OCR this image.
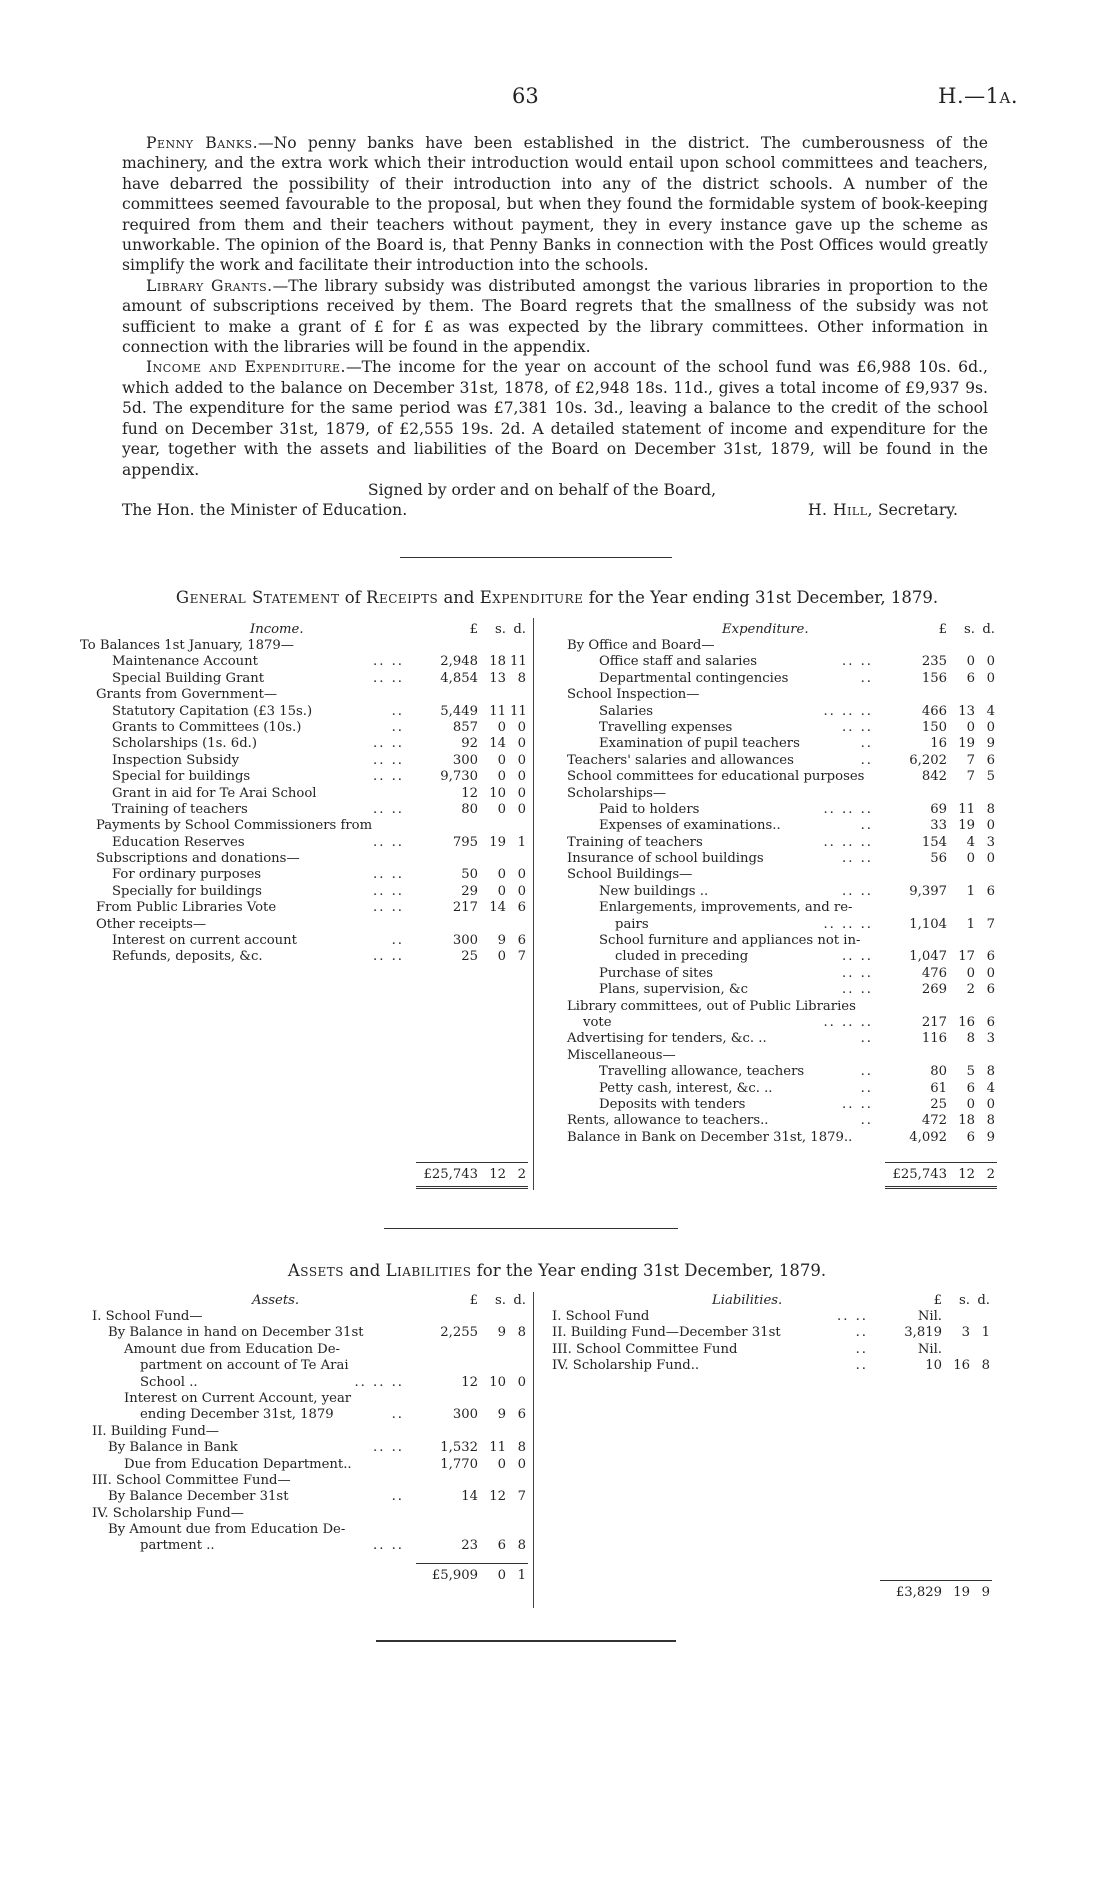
63	H.—1a.

Penny Banks.—No penny banks have been established in the district. The cumberousness of the machinery, and the extra work which their introduction would entail upon school committees and teachers, have debarred the possibility of their introduction into any of the district schools. A number of the committees seemed favourable to the proposal, but when they found the formidable system of book-keeping required from them and their teachers without payment, they in every instance gave up the scheme as unworkable. The opinion of the Board is, that Penny Banks in connection with the Post Offices would greatly simplify the work and facilitate their introduction into the schools.

Library Grants.—The library subsidy was distributed amongst the various libraries in proportion to the amount of subscriptions received by them. The Board regrets that the smallness of the subsidy was not sufficient to make a grant of £ for £ as was expected by the library committees. Other information in connection with the libraries will be found in the appendix.

Income and Expenditure.—The income for the year on account of the school fund was £6,988 10s. 6d., which added to the balance on December 31st, 1878, of £2,948 18s. 11d., gives a total income of £9,937 9s. 5d. The expenditure for the same period was £7,381 10s. 3d., leaving a balance to the credit of the school fund on December 31st, 1879, of £2,555 19s. 2d. A detailed statement of income and expenditure for the year, together with the assets and liabilities of the Board on December 31st, 1879, will be found in the appendix.

Signed by order and on behalf of the Board,

The Hon. the Minister of Education.	H. Hill, Secretary.
General Statement of Receipts and Expenditure for the Year ending 31st December, 1879.
Income.	£	s. d.
To Balances 1st January, 1879—
Maintenance Account	.. ..	2,948 18 11
Special Building Grant	.. ..	4,854 13 8
Grants from Government—
Statutory Capitation (£3 15s.)	..	5,449 11 11
Grants to Committees (10s.)	..	857	0 0
Scholarships (1s. 6d.)	.. ..	92 14 0
Inspection Subsidy	.. ..	300	0 0
Special for buildings	.. ..	9,730	0 0
Grant in aid for Te Arai School	12 10 0
Training of teachers	.. ..	80	0 0
Payments by School Commissioners from
Education Reserves	.. ..	795 19 1
Subscriptions and donations—
For ordinary purposes	.. ..	50	0 0
Specially for buildings	.. ..	29	0 0
From Public Libraries Vote	.. ..	217 14 6
Other receipts—
Interest on current account	..	300	9 6
Refunds, deposits, &c.	.. ..	25	0 7
Expenditure.	£	s. d.
By Office and Board—
Office staff and salaries	.. ..	235	0 0
Departmental contingencies	..	156	6 0
School Inspection—
Salaries	.. .. ..	466 13 4
Travelling expenses	.. ..	150	0 0
Examination of pupil teachers	..	16 19 9
Teachers' salaries and allowances	..	6,202	7 6
School committees for educational purposes	842	7 5
Scholarships—
Paid to holders	.. .. ..	69 11 8
Expenses of examinations..	..	33 19 0
Training of teachers	.. .. ..	154	4 3
Insurance of school buildings	.. ..	56	0 0
School Buildings—
New buildings ..	.. ..	9,397	1 6
Enlargements, improvements, and re-
pairs	.. .. ..	1,104	1 7
School furniture and appliances not in-
cluded in preceding	.. ..	1,047 17 6
Purchase of sites	.. ..	476	0 0
Plans, supervision, &c	.. ..	269	2 6
Library committees, out of Public Libraries
vote	.. .. ..	217 16 6
Advertising for tenders, &c. ..	..	116	8 3
Miscellaneous—
Travelling allowance, teachers	..	80	5 8
Petty cash, interest, &c. ..	..	61	6 4
Deposits with tenders	.. ..	25	0 0
Rents, allowance to teachers..	..	472 18 8
Balance in Bank on December 31st, 1879..	4,092	6 9
£25,743 12 2	£25,743 12 2
Assets and Liabilities for the Year ending 31st December, 1879.
Assets.	£	s. d.
I. School Fund—
By Balance in hand on December 31st	2,255	9 8
Amount due from Education De-
partment on account of Te Arai
School ..	.. .. ..	12 10 0
Interest on Current Account, year
ending December 31st, 1879	..	300	9 6
II. Building Fund—
By Balance in Bank	.. ..	1,532 11 8
Due from Education Department..	1,770	0 0
III. School Committee Fund—
By Balance December 31st	..	14 12 7
IV. Scholarship Fund—
By Amount due from Education De-
partment ..	.. ..	23	6 8
£5,909	0 1
Liabilities.	£	s. d.
I. School Fund	.. ..	Nil.
II. Building Fund—December 31st	..	3,819	3 1
III. School Committee Fund	..	Nil.
IV. Scholarship Fund..	..	10 16 8
£3,829 19 9
